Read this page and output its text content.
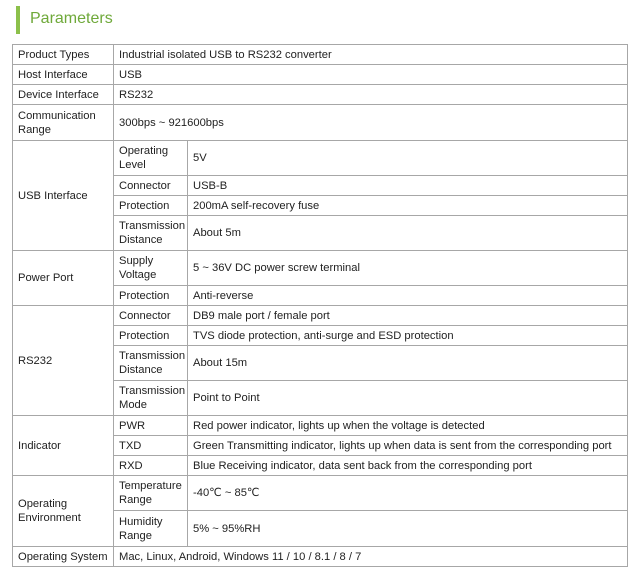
Parameters
Product Types	Industrial isolated USB to RS232 converter	
Host Interface	USB	
Device Interface	RS232	
Communication Range	300bps ~ 921600bps	
USB Interface	Operating Level	5V
	Connector	USB-B
	Protection	200mA self-recovery fuse
	Transmission Distance	About 5m
Power Port	Supply Voltage	5 ~ 36V DC power screw terminal
	Protection	Anti-reverse
RS232	Connector	DB9 male port / female port
	Protection	TVS diode protection, anti-surge and ESD protection
	Transmission Distance	About 15m
	Transmission Mode	Point to Point
Indicator	PWR	Red power indicator, lights up when the voltage is detected
	TXD	Green Transmitting indicator, lights up when data is sent from the corresponding port
	RXD	Blue Receiving indicator, data sent back from the corresponding port
Operating Environment	Temperature Range	-40℃ ~ 85℃
	Humidity Range	5% ~ 95%RH
Operating System	Mac, Linux, Android, Windows 11 / 10 / 8.1 / 8 / 7	
